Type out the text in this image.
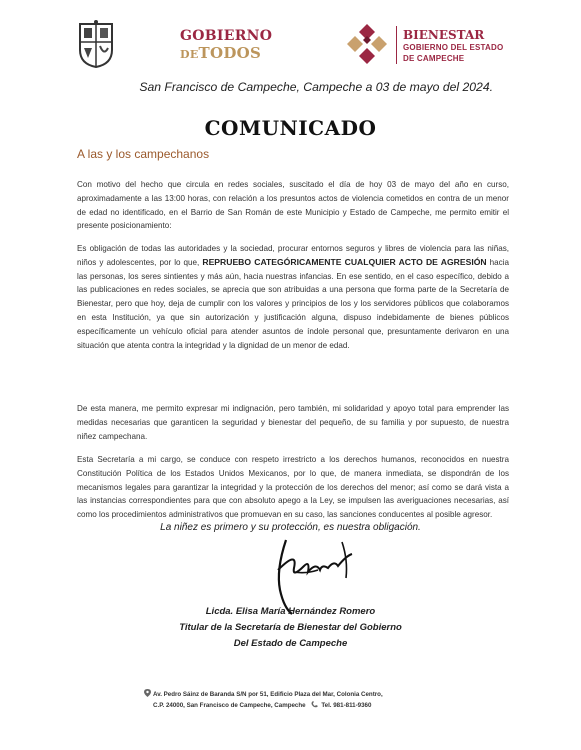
GOBIERNO
DETODOS
BIENESTAR
GOBIERNO DEL ESTADO
DE CAMPECHE
San Francisco de Campeche, Campeche a 03 de mayo del 2024.
COMUNICADO
A las y los campechanos

Con motivo del hecho que circula en redes sociales, suscitado el día de hoy 03 de mayo del año en curso, aproximadamente a las 13:00 horas, con relación a los presuntos actos de violencia cometidos en contra de un menor de edad no identificado, en el Barrio de San Román de este Municipio y Estado de Campeche, me permito emitir el presente posicionamiento:

Es obligación de todas las autoridades y la sociedad, procurar entornos seguros y libres de violencia para las niñas, niños y adolescentes, por lo que, REPRUEBO CATEGÓRICAMENTE CUALQUIER ACTO DE AGRESIÓN hacia las personas, los seres sintientes y más aún, hacia nuestras infancias. En ese sentido, en el caso específico, debido a las publicaciones en redes sociales, se aprecia que son atribuidas a una persona que forma parte de la Secretaría de Bienestar, pero que hoy, deja de cumplir con los valores y principios de los y los servidores públicos que colaboramos en esta Institución, ya que sin autorización y justificación alguna, dispuso indebidamente de bienes públicos específicamente un vehículo oficial para atender asuntos de índole personal que, presuntamente derivaron en una situación que atenta contra la integridad y la dignidad de un menor de edad.

De esta manera, me permito expresar mi indignación, pero también, mi solidaridad y apoyo total para emprender las medidas necesarias que garanticen la seguridad y bienestar del pequeño, de su familia y por supuesto, de nuestra niñez campechana.

Esta Secretaría a mi cargo, se conduce con respeto irrestricto a los derechos humanos, reconocidos en nuestra Constitución Política de los Estados Unidos Mexicanos, por lo que, de manera inmediata, se dispondrán de los mecanismos legales para garantizar la integridad y la protección de los derechos del menor; así como se dará vista a las instancias correspondientes para que con absoluto apego a la Ley, se impulsen las averiguaciones necesarias, así como los procedimientos administrativos que promuevan en su caso, las sanciones conducentes al posible agresor.

La niñez es primero y su protección, es nuestra obligación.
Licda. Elisa María Hernández Romero
Titular de la Secretaría de Bienestar del Gobierno
Del Estado de Campeche
Av. Pedro Sáinz de Baranda S/N por 51, Edificio Plaza del Mar, Colonia Centro,
C.P. 24000, San Francisco de Campeche, Campeche	Tel. 981-811-9360
